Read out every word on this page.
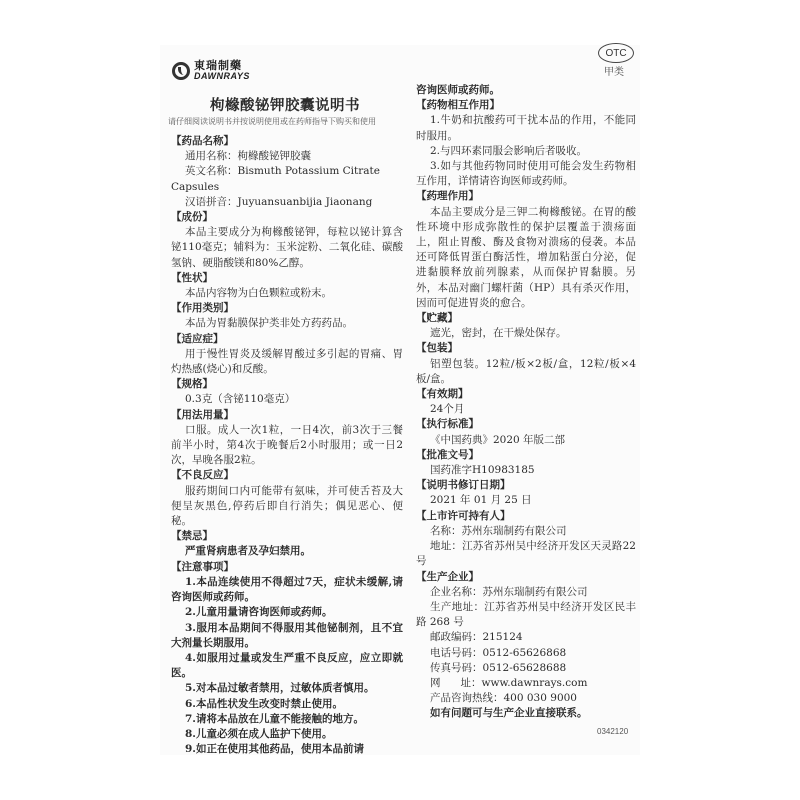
東瑞制藥
DAWNRAYS
OTC
甲类
枸橼酸铋钾胶囊说明书
请仔细阅读说明书并按说明使用或在药师指导下购买和使用

【药品名称】

通用名称：枸橼酸铋钾胶囊

英文名称：Bismuth Potassium Citrate Capsules

汉语拼音：Juyuansuanbijia Jiaonang

【成份】

本品主要成分为枸橼酸铋钾，每粒以铋计算含铋110毫克；辅料为：玉米淀粉、二氧化硅、碳酸氢钠、硬脂酸镁和80%乙醇。

【性状】

本品内容物为白色颗粒或粉末。

【作用类别】

本品为胃黏膜保护类非处方药药品。

【适应症】

用于慢性胃炎及缓解胃酸过多引起的胃痛、胃灼热感(烧心)和反酸。

【规格】

0.3克（含铋110毫克）

【用法用量】

口服。成人一次1粒，一日4次，前3次于三餐前半小时，第4次于晚餐后2小时服用；或一日2次，早晚各服2粒。

【不良反应】

服药期间口内可能带有氨味，并可使舌苔及大便呈灰黑色,停药后即自行消失；偶见恶心、便秘。

【禁忌】

严重肾病患者及孕妇禁用。

【注意事项】

1.本品连续使用不得超过7天，症状未缓解,请咨询医师或药师。

2.儿童用量请咨询医师或药师。

3.服用本品期间不得服用其他铋制剂，且不宜大剂量长期服用。

4.如服用过量或发生严重不良反应，应立即就医。

5.对本品过敏者禁用，过敏体质者慎用。

6.本品性状发生改变时禁止使用。

7.请将本品放在儿童不能接触的地方。

8.儿童必须在成人监护下使用。

9.如正在使用其他药品，使用本品前请

咨询医师或药师。

【药物相互作用】

1.牛奶和抗酸药可干扰本品的作用，不能同时服用。

2.与四环素同服会影响后者吸收。

3.如与其他药物同时使用可能会发生药物相互作用，详情请咨询医师或药师。

【药理作用】

本品主要成分是三钾二枸橼酸铋。在胃的酸性环境中形成弥散性的保护层覆盖于溃疡面上，阻止胃酸、酶及食物对溃疡的侵袭。本品还可降低胃蛋白酶活性，增加粘蛋白分泌，促进黏膜释放前列腺素，从而保护胃黏膜。另外，本品对幽门螺杆菌（HP）具有杀灭作用，因而可促进胃炎的愈合。

【贮藏】

遮光，密封，在干燥处保存。

【包装】

铝塑包装。12粒/板×2板/盒，12粒/板×4板/盒。

【有效期】

24个月

【执行标准】

《中国药典》2020 年版二部

【批准文号】

国药准字H10983185

【说明书修订日期】

2021 年 01 月 25 日

【上市许可持有人】

名称：苏州东瑞制药有限公司

地址：江苏省苏州吴中经济开发区天灵路22 号

【生产企业】

企业名称：苏州东瑞制药有限公司

生产地址：江苏省苏州吴中经济开发区民丰路 268 号

邮政编码：215124

电话号码：0512-65626868

传真号码：0512-65628688

网      址：www.dawnrays.com

产品咨询热线：400 030 9000

如有问题可与生产企业直接联系。

0342120
